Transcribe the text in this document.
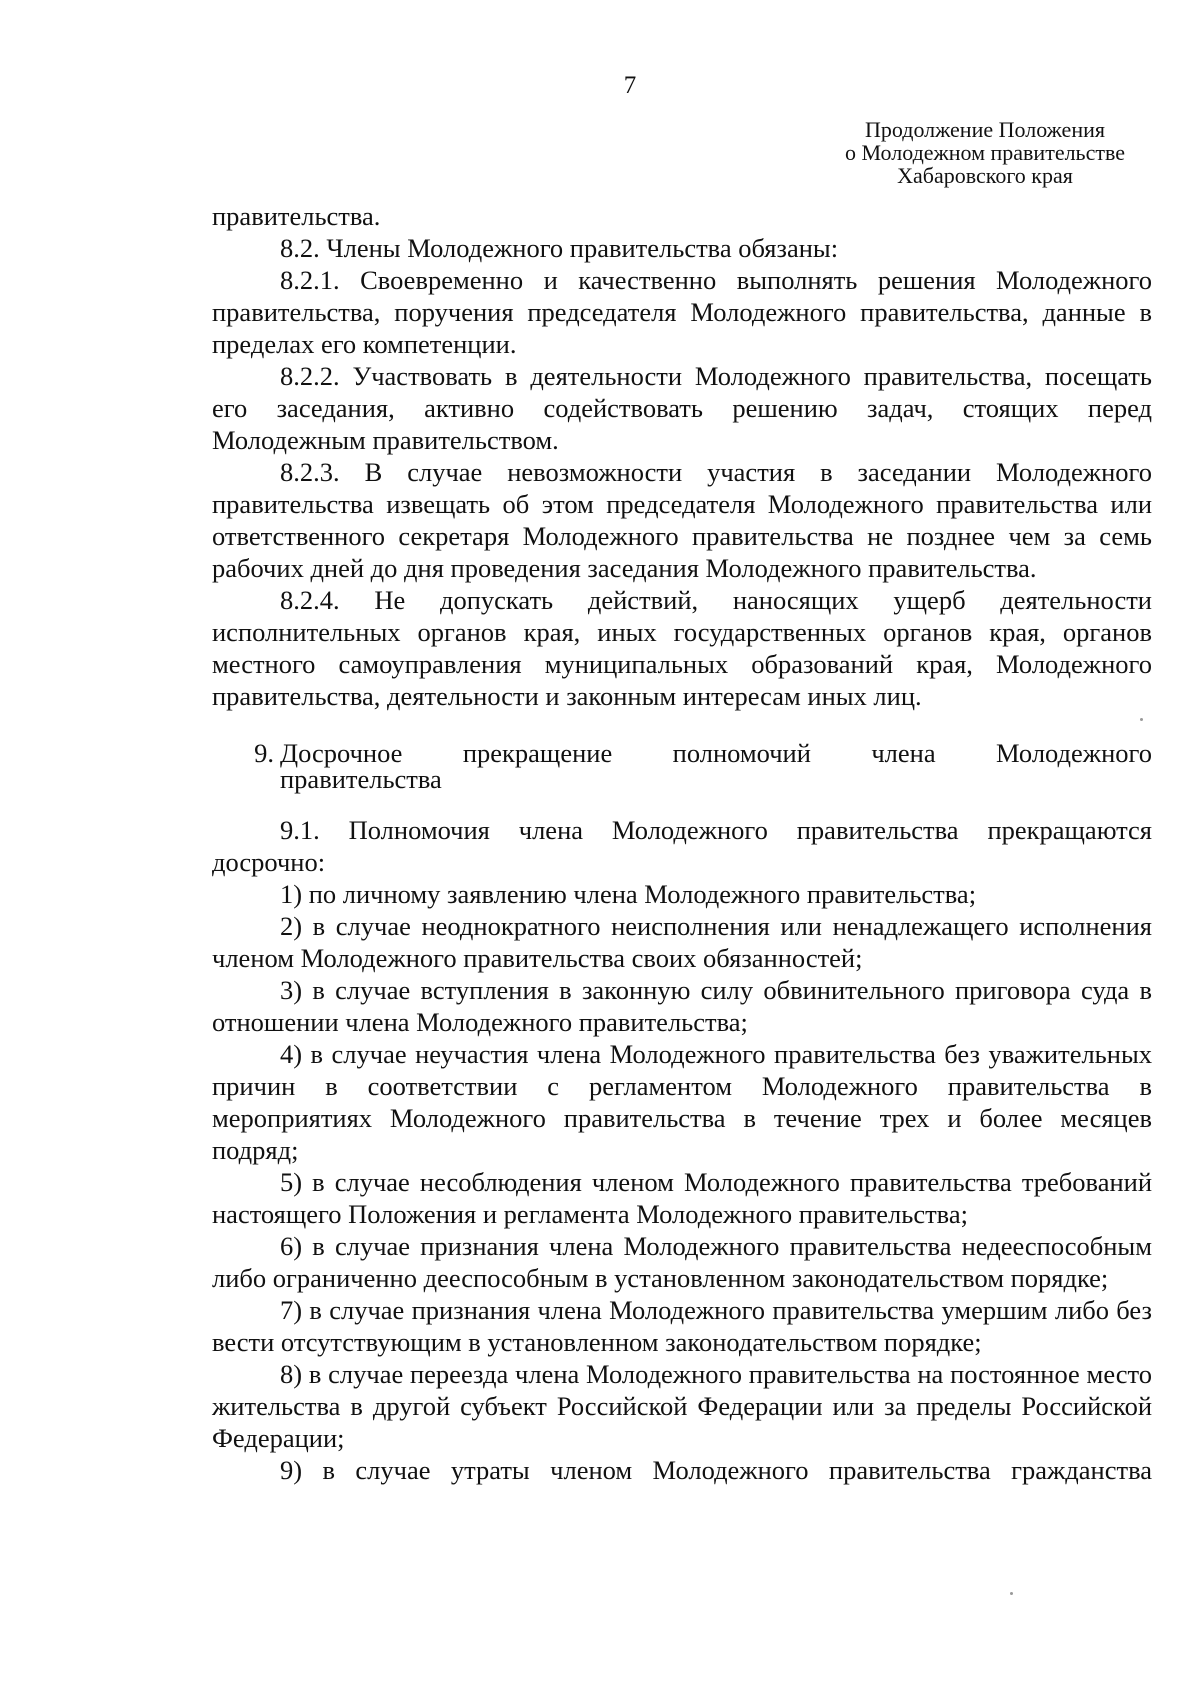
7
Продолжение Положения
о Молодежном правительстве
Хабаровского края

правительства.

8.2. Члены Молодежного правительства обязаны:

8.2.1. Своевременно и качественно выполнять решения Молодежного правительства, поручения председателя Молодежного правительства, данные в пределах его компетенции.

8.2.2. Участвовать в деятельности Молодежного правительства, посещать его заседания, активно содействовать решению задач, стоящих перед Молодежным правительством.

8.2.3. В случае невозможности участия в заседании Молодежного правительства извещать об этом председателя Молодежного правительства или ответственного секретаря Молодежного правительства не позднее чем за семь рабочих дней до дня проведения заседания Молодежного правительства.

8.2.4. Не допускать действий, наносящих ущерб деятельности исполнительных органов края, иных государственных органов края, органов местного самоуправления муниципальных образований края, Молодежного правительства, деятельности и законным интересам иных лиц.

9. Досрочное прекращение полномочий члена Молодежного
правительства

9.1. Полномочия члена Молодежного правительства прекращаются досрочно:

1) по личному заявлению члена Молодежного правительства;

2) в случае неоднократного неисполнения или ненадлежащего исполнения членом Молодежного правительства своих обязанностей;

3) в случае вступления в законную силу обвинительного приговора суда в отношении члена Молодежного правительства;

4) в случае неучастия члена Молодежного правительства без уважительных причин в соответствии с регламентом Молодежного правительства в мероприятиях Молодежного правительства в течение трех и более месяцев подряд;

5) в случае несоблюдения членом Молодежного правительства требований настоящего Положения и регламента Молодежного правительства;

6) в случае признания члена Молодежного правительства недееспособным либо ограниченно дееспособным в установленном законодательством порядке;

7) в случае признания члена Молодежного правительства умершим либо без вести отсутствующим в установленном законодательством порядке;

8) в случае переезда члена Молодежного правительства на постоянное место жительства в другой субъект Российской Федерации или за пределы Российской Федерации;

9) в случае утраты членом Молодежного правительства гражданства
